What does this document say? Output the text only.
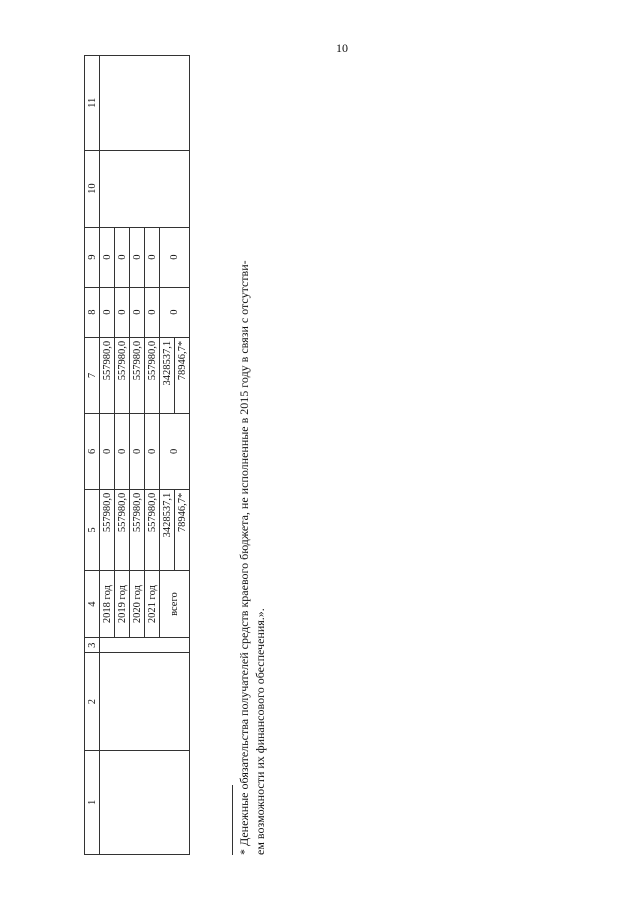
10
1	2	3	4	5	6	7	8	9	10	11
			2018 год	557980,0	0	557980,0	0	0		
			2019 год	557980,0	0	557980,0	0	0		
			2020 год	557980,0	0	557980,0	0	0		
			2021 год	557980,0	0	557980,0	0	0		
			всего	3428537,1	0	3428537,1	0	0		
				78946,7*		78946,7*					* Денежные обязательства получателей средств краевого бюджета, не исполненные в 2015 году в связи с отсутстви- ем возможности их финансового обеспечения.».
